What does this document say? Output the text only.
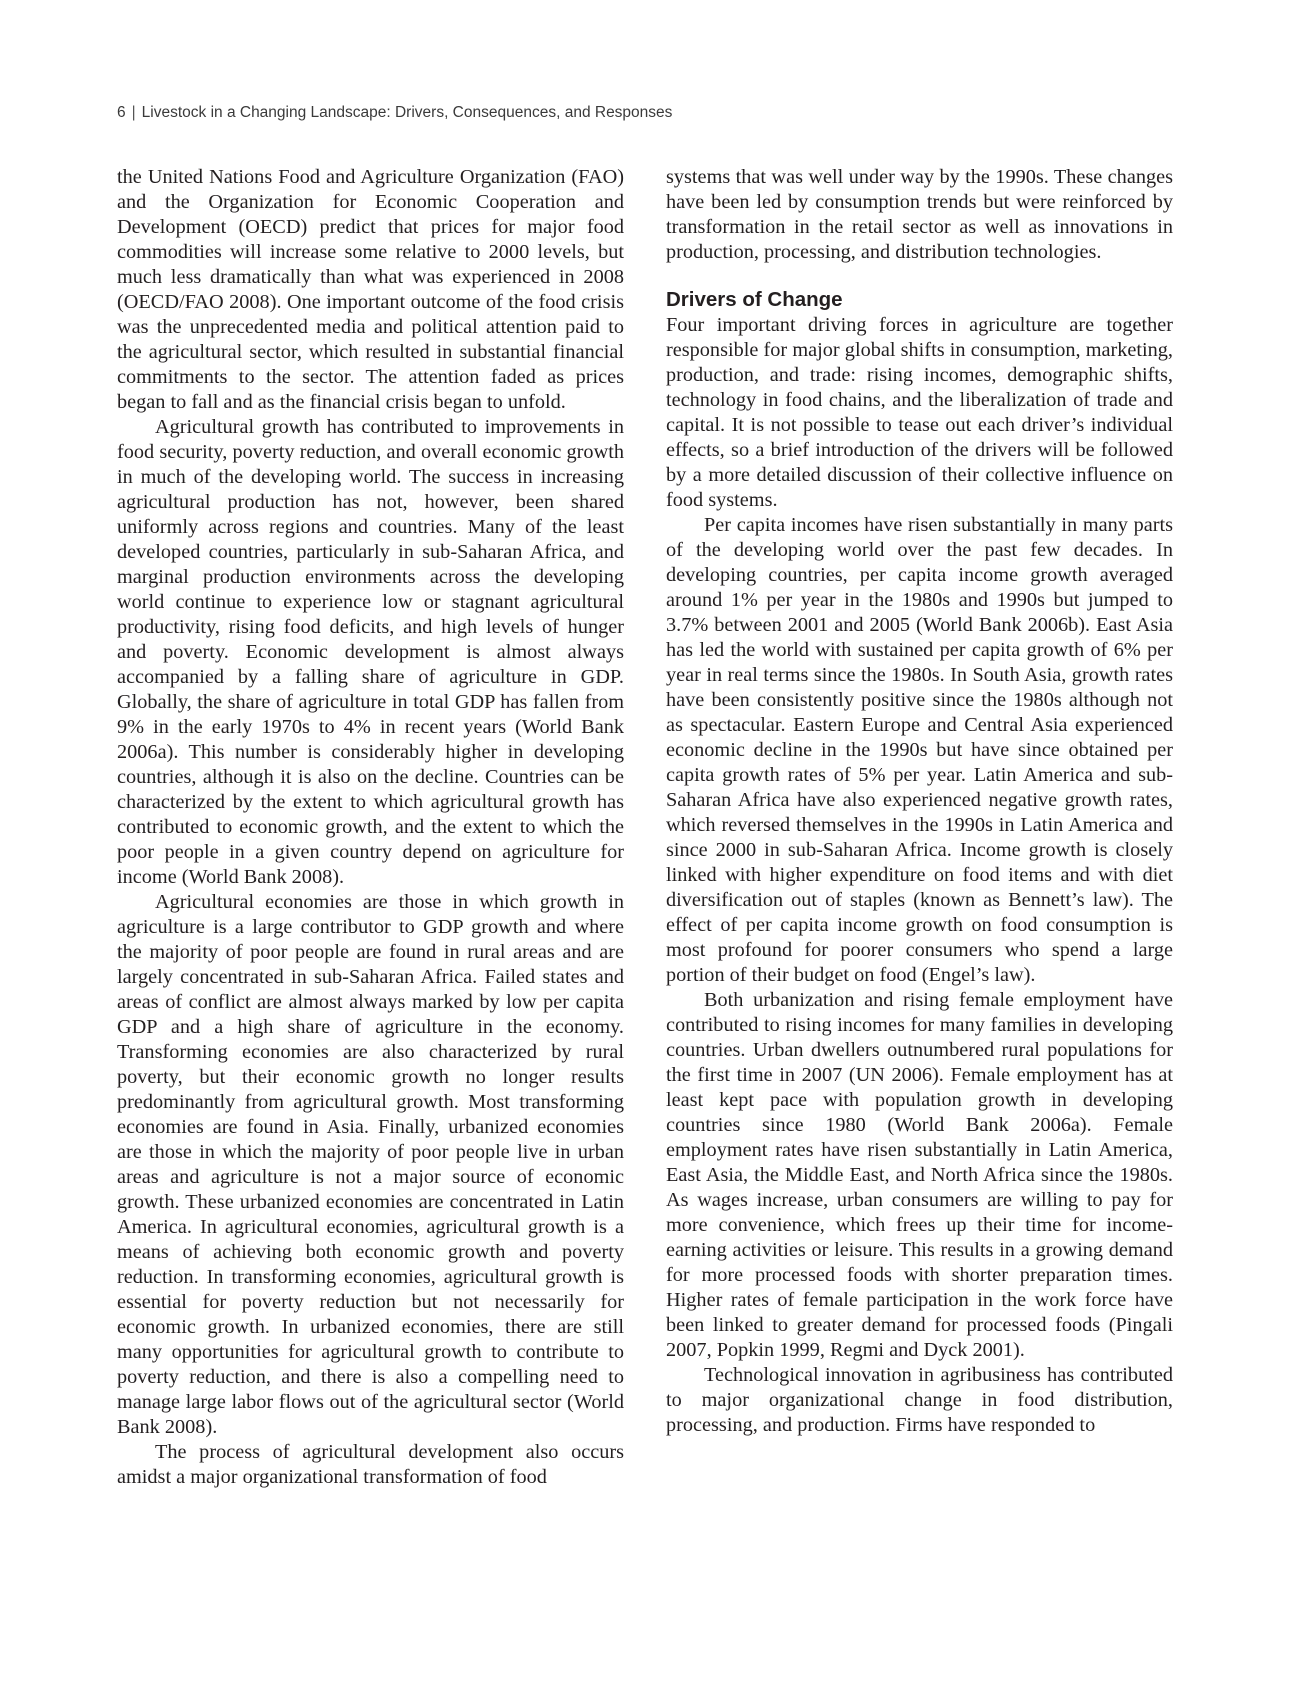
6 | Livestock in a Changing Landscape: Drivers, Consequences, and Responses

the United Nations Food and Agriculture Organization (FAO) and the Organization for Economic Cooperation and Development (OECD) predict that prices for major food commodities will increase some relative to 2000 levels, but much less dramatically than what was experienced in 2008 (OECD/FAO 2008). One important outcome of the food crisis was the unprecedented media and political attention paid to the agricultural sector, which resulted in substantial financial commitments to the sector. The attention faded as prices began to fall and as the financial crisis began to unfold.

Agricultural growth has contributed to improvements in food security, poverty reduction, and overall economic growth in much of the developing world. The success in increasing agricultural production has not, however, been shared uniformly across regions and countries. Many of the least developed countries, particularly in sub-Saharan Africa, and marginal production environments across the developing world continue to experience low or stagnant agricultural productivity, rising food deficits, and high levels of hunger and poverty. Economic development is almost always accompanied by a falling share of agriculture in GDP. Globally, the share of agriculture in total GDP has fallen from 9% in the early 1970s to 4% in recent years (World Bank 2006a). This number is considerably higher in developing countries, although it is also on the decline. Countries can be characterized by the extent to which agricultural growth has contributed to economic growth, and the extent to which the poor people in a given country depend on agriculture for income (World Bank 2008).

Agricultural economies are those in which growth in agriculture is a large contributor to GDP growth and where the majority of poor people are found in rural areas and are largely concentrated in sub-Saharan Africa. Failed states and areas of conflict are almost always marked by low per capita GDP and a high share of agriculture in the economy. Transforming economies are also characterized by rural poverty, but their economic growth no longer results predominantly from agricultural growth. Most transforming economies are found in Asia. Finally, urbanized economies are those in which the majority of poor people live in urban areas and agriculture is not a major source of economic growth. These urbanized economies are concentrated in Latin America. In agricultural economies, agricultural growth is a means of achieving both economic growth and poverty reduction. In transforming economies, agricultural growth is essential for poverty reduction but not necessarily for economic growth. In urbanized economies, there are still many opportunities for agricultural growth to contribute to poverty reduction, and there is also a compelling need to manage large labor flows out of the agricultural sector (World Bank 2008).

The process of agricultural development also occurs amidst a major organizational transformation of food

systems that was well under way by the 1990s. These changes have been led by consumption trends but were reinforced by transformation in the retail sector as well as innovations in production, processing, and distribution technologies.

Drivers of Change

Four important driving forces in agriculture are together responsible for major global shifts in consumption, marketing, production, and trade: rising incomes, demographic shifts, technology in food chains, and the liberalization of trade and capital. It is not possible to tease out each driver’s individual effects, so a brief introduction of the drivers will be followed by a more detailed discussion of their collective influence on food systems.

Per capita incomes have risen substantially in many parts of the developing world over the past few decades. In developing countries, per capita income growth averaged around 1% per year in the 1980s and 1990s but jumped to 3.7% between 2001 and 2005 (World Bank 2006b). East Asia has led the world with sustained per capita growth of 6% per year in real terms since the 1980s. In South Asia, growth rates have been consistently positive since the 1980s although not as spectacular. Eastern Europe and Central Asia experienced economic decline in the 1990s but have since obtained per capita growth rates of 5% per year. Latin America and sub-Saharan Africa have also experienced negative growth rates, which reversed themselves in the 1990s in Latin America and since 2000 in sub-Saharan Africa. Income growth is closely linked with higher expenditure on food items and with diet diversification out of staples (known as Bennett’s law). The effect of per capita income growth on food consumption is most profound for poorer consumers who spend a large portion of their budget on food (Engel’s law).

Both urbanization and rising female employment have contributed to rising incomes for many families in developing countries. Urban dwellers outnumbered rural populations for the first time in 2007 (UN 2006). Female employment has at least kept pace with population growth in developing countries since 1980 (World Bank 2006a). Female employment rates have risen substantially in Latin America, East Asia, the Middle East, and North Africa since the 1980s. As wages increase, urban consumers are willing to pay for more convenience, which frees up their time for income-earning activities or leisure. This results in a growing demand for more processed foods with shorter preparation times. Higher rates of female participation in the work force have been linked to greater demand for processed foods (Pingali 2007, Popkin 1999, Regmi and Dyck 2001).

Technological innovation in agribusiness has contributed to major organizational change in food distribution, processing, and production. Firms have responded to
